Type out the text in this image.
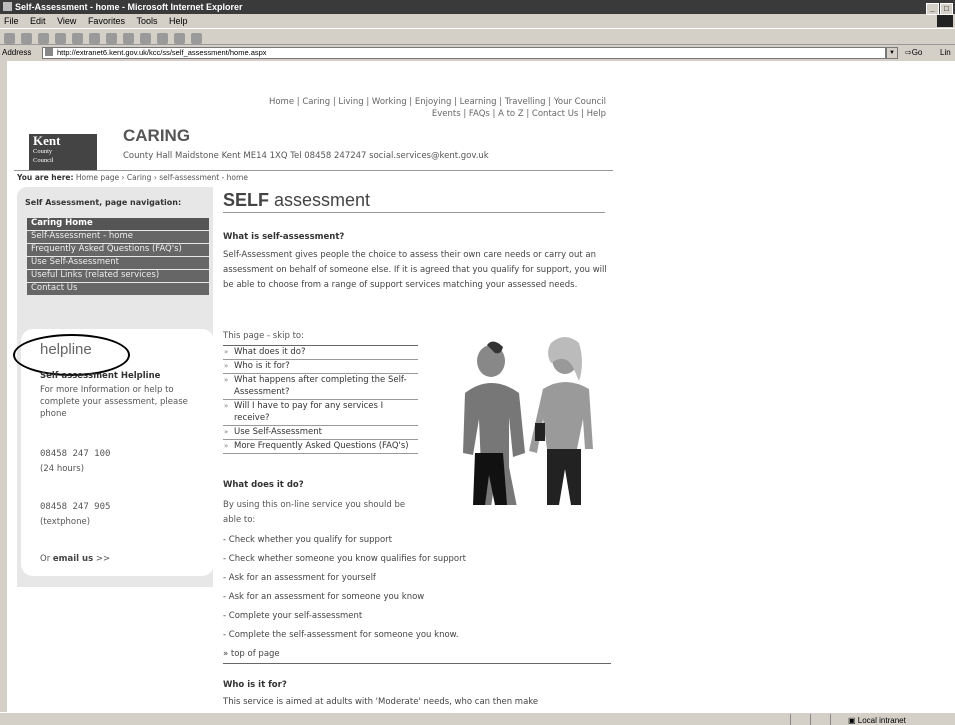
Self-Assessment - home - Microsoft Internet Explorer	_ □
File Edit View Favorites Tools Help
Address	http://extranet6.kent.gov.uk/kcc/ss/self_assessment/home.aspx	▼	⇨Go Lin
Home | Caring | Living | Working | Enjoying | Learning | Travelling | Your Council
Events | FAQs | A to Z | Contact Us | Help
Kent
County
Council
CARING
County Hall Maidstone Kent ME14 1XQ Tel 08458 247247 social.services@kent.gov.uk
You are here: Home page › Caring › self-assessment - home
Self Assessment, page navigation:
Caring Home
Self-Assessment - home
Frequently Asked Questions (FAQ's)
Use Self-Assessment
Useful Links (related services)
Contact Us
helpline
Self assessment Helpline
For more Information or help to complete your assessment, please phone
08458 247 100
(24 hours)
08458 247 905
(textphone)
Or email us >>
SELF assessment
What is self-assessment?
Self-Assessment gives people the choice to assess their own care needs or carry out an assessment on behalf of someone else. If it is agreed that you qualify for support, you will be able to choose from a range of support services matching your assessed needs.
This page - skip to:
» What does it do?
» Who is it for?
» What happens after completing the Self-Assessment?
» Will I have to pay for any services I receive?
» Use Self-Assessment
» More Frequently Asked Questions (FAQ's)
What does it do?
By using this on-line service you should be able to:
- Check whether you qualify for support
- Check whether someone you know qualifies for support
- Ask for an assessment for yourself
- Ask for an assessment for someone you know
- Complete your self-assessment
- Complete the self-assessment for someone you know.
» top of page
Who is it for?
This service is aimed at adults with 'Moderate' needs, who can then make
▣ Local intranet
